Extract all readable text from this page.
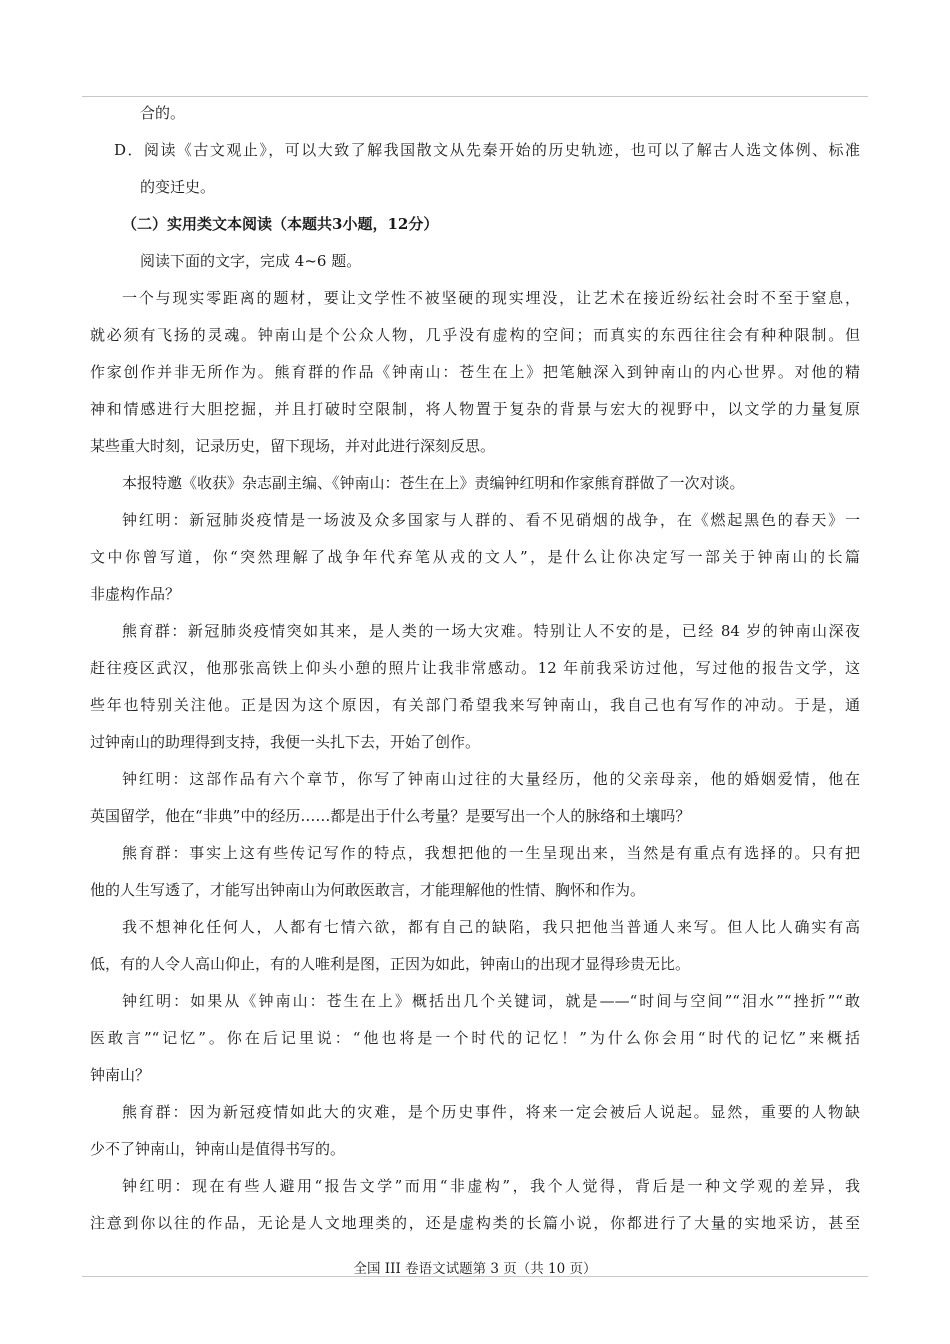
合的。
D．阅读《古文观止》，可以大致了解我国散文从先秦开始的历史轨迹，也可以了解古人选文体例、标准
的变迁史。
（二）实用类文本阅读（本题共3小题，12分）
阅读下面的文字，完成 4~6 题。
一个与现实零距离的题材，要让文学性不被坚硬的现实埋没，让艺术在接近纷纭社会时不至于窒息，
就必须有飞扬的灵魂。钟南山是个公众人物，几乎没有虚构的空间；而真实的东西往往会有种种限制。但
作家创作并非无所作为。熊育群的作品《钟南山：苍生在上》把笔触深入到钟南山的内心世界。对他的精
神和情感进行大胆挖掘，并且打破时空限制，将人物置于复杂的背景与宏大的视野中，以文学的力量复原
某些重大时刻，记录历史，留下现场，并对此进行深刻反思。
本报特邀《收获》杂志副主编、《钟南山：苍生在上》责编钟红明和作家熊育群做了一次对谈。
钟红明：新冠肺炎疫情是一场波及众多国家与人群的、看不见硝烟的战争，在《燃起黑色的春天》一
文中你曾写道，你“突然理解了战争年代弃笔从戎的文人”，是什么让你决定写一部关于钟南山的长篇
非虚构作品？
熊育群：新冠肺炎疫情突如其来，是人类的一场大灾难。特别让人不安的是，已经 84 岁的钟南山深夜
赶往疫区武汉，他那张高铁上仰头小憩的照片让我非常感动。12 年前我采访过他，写过他的报告文学，这
些年也特别关注他。正是因为这个原因，有关部门希望我来写钟南山，我自己也有写作的冲动。于是，通
过钟南山的助理得到支持，我便一头扎下去，开始了创作。
钟红明：这部作品有六个章节，你写了钟南山过往的大量经历，他的父亲母亲，他的婚姻爱情，他在
英国留学，他在“非典”中的经历……都是出于什么考量？是要写出一个人的脉络和土壤吗？
熊育群：事实上这有些传记写作的特点，我想把他的一生呈现出来，当然是有重点有选择的。只有把
他的人生写透了，才能写出钟南山为何敢医敢言，才能理解他的性情、胸怀和作为。
我不想神化任何人，人都有七情六欲，都有自己的缺陷，我只把他当普通人来写。但人比人确实有高
低，有的人令人高山仰止，有的人唯利是图，正因为如此，钟南山的出现才显得珍贵无比。
钟红明：如果从《钟南山：苍生在上》概括出几个关键词，就是——“时间与空间”“泪水”“挫折”“敢
医敢言”“记忆”。你在后记里说：“他也将是一个时代的记忆！”为什么你会用“时代的记忆”来概括
钟南山？
熊育群：因为新冠疫情如此大的灾难，是个历史事件，将来一定会被后人说起。显然，重要的人物缺
少不了钟南山，钟南山是值得书写的。
钟红明：现在有些人避用“报告文学”而用“非虚构”，我个人觉得，背后是一种文学观的差异，我
注意到你以往的作品，无论是人文地理类的，还是虚构类的长篇小说，你都进行了大量的实地采访，甚至
全国 III 卷语文试题第 3 页（共 10 页）
